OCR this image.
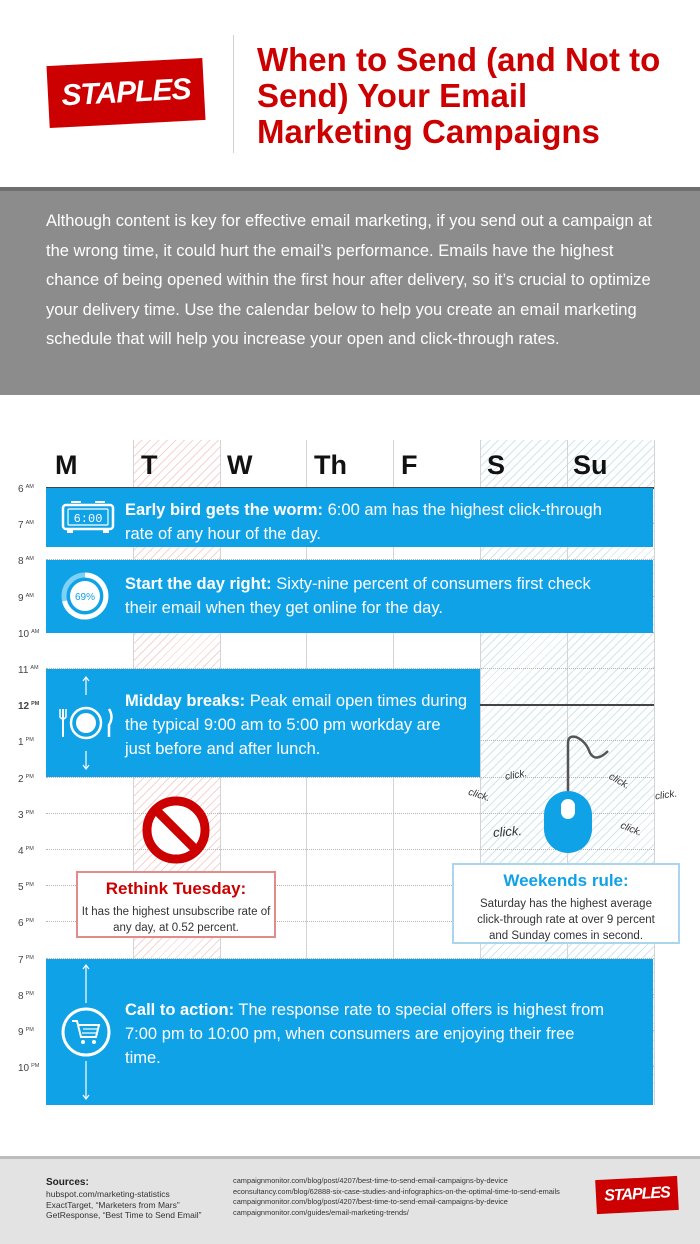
STAPLES
When to Send (and Not to Send) Your Email Marketing Campaigns

Although content is key for effective email marketing, if you send out a campaign at the wrong time, it could hurt the email’s performance. Emails have the highest chance of being opened within the first hour after delivery, so it’s crucial to optimize your delivery time. Use the calendar below to help you create an email marketing schedule that will help you increase your open and click-through rates.

M T	W Th F	S	Su
6 $^{AM}$
7 $^{AM}$
8 $^{AM}$
9 $^{AM}$
10 $^{AM}$
11 $^{AM}$
12 $^{PM}$
1 $^{PM}$
2 $^{PM}$
3 $^{PM}$
4 $^{PM}$
5 $^{PM}$
6 $^{PM}$
7 $^{PM}$
8 $^{PM}$
9 $^{PM}$
10 $^{PM}$
6:00 Early bird gets the worm: 6:00 am has the highest click-through rate of any hour of the day.
69%
Start the day right: Sixty-nine percent of consumers first check their email when they get online for the day.
Midday breaks: Peak email open times during the typical 9:00 am to 5:00 pm workday are just before and after lunch.
Rethink Tuesday:

It has the highest unsubscribe rate of any day, at 0.52 percent.

click.
click.	click.
click.
click.
click.
Weekends rule:

Saturday has the highest average click-through rate at over 9 percent and Sunday comes in second.

Call to action: The response rate to special offers is highest from 7:00 pm to 10:00 pm, when consumers are enjoying their free time.
Sources:
hubspot.com/marketing-statistics
ExactTarget, “Marketers from Mars”
GetResponse, “Best Time to Send Email”
campaignmonitor.com/blog/post/4207/best-time-to-send-email-campaigns-by-device
econsultancy.com/blog/62888-six-case-studies-and-infographics-on-the-optimal-time-to-send-emails
campaignmonitor.com/blog/post/4207/best-time-to-send-email-campaigns-by-device
campaignmonitor.com/guides/email-marketing-trends/
STAPLES
